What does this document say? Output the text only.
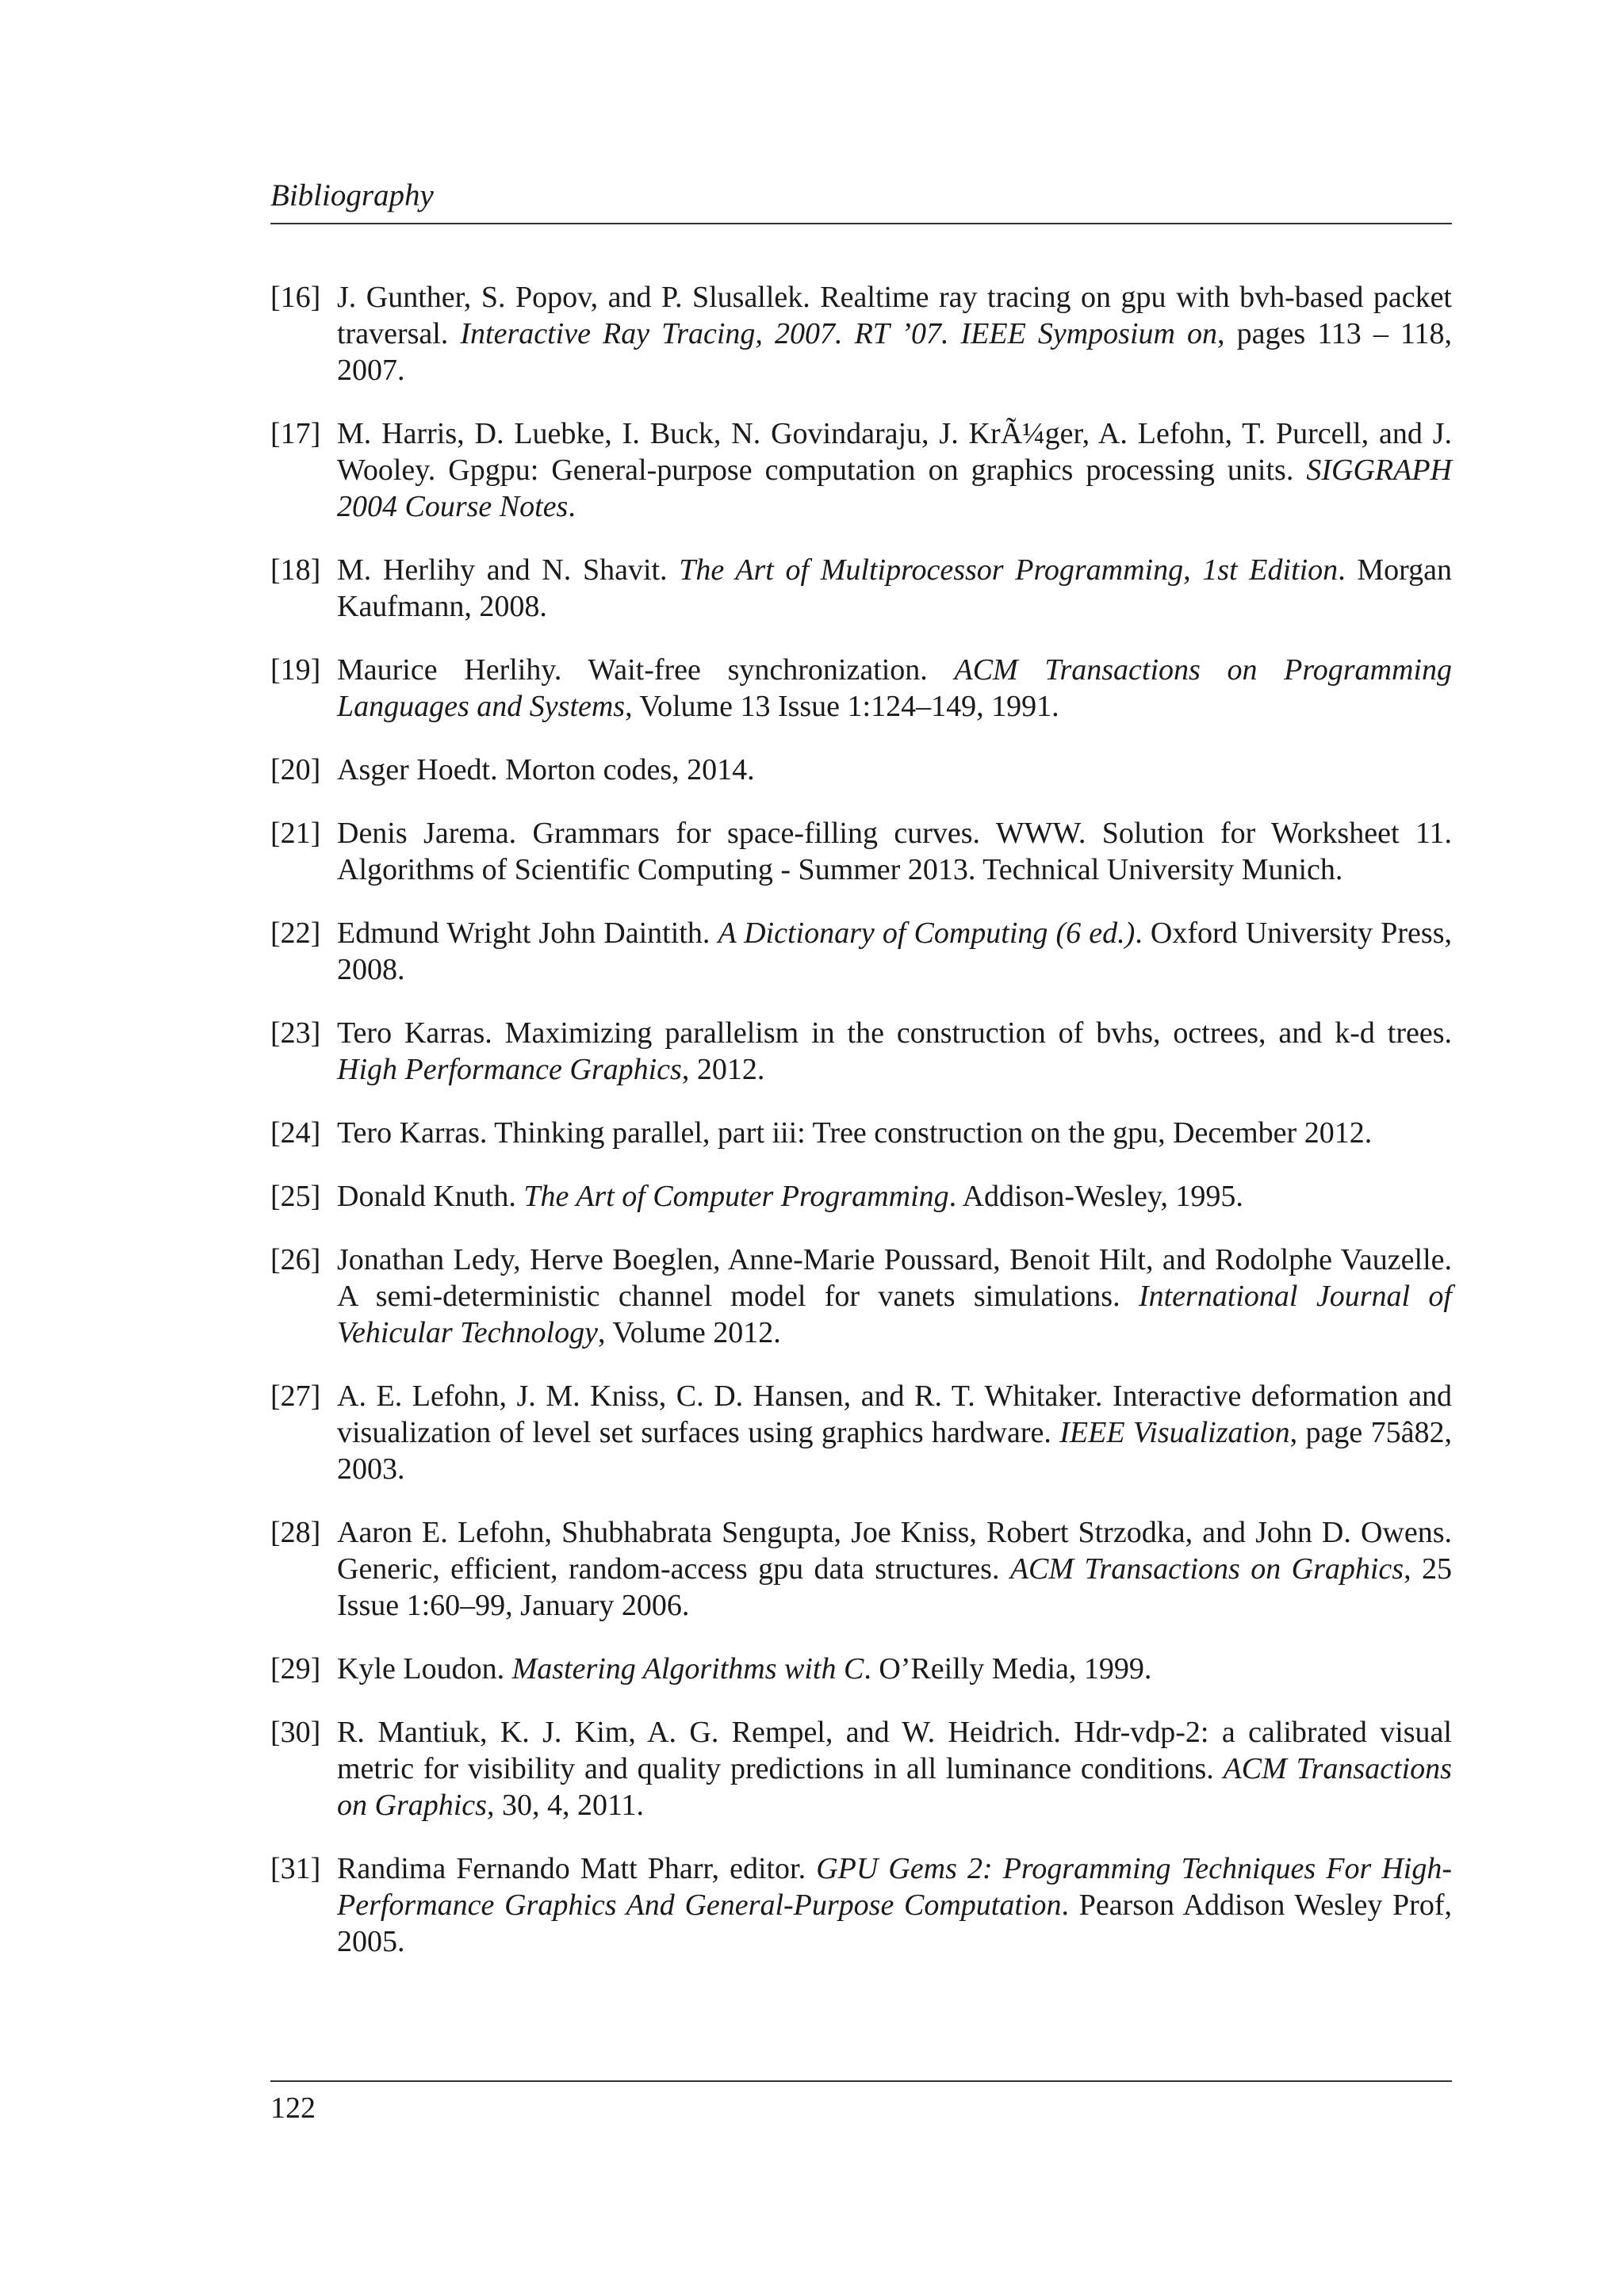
Bibliography
[16] J. Gunther, S. Popov, and P. Slusallek. Realtime ray tracing on gpu with bvh-based packet traversal. Interactive Ray Tracing, 2007. RT ’07. IEEE Symposium on, pages 113 – 118, 2007.
[17] M. Harris, D. Luebke, I. Buck, N. Govindaraju, J. KrÃ¼ger, A. Lefohn, T. Purcell, and J. Wooley. Gpgpu: General-purpose computation on graphics processing units. SIGGRAPH 2004 Course Notes.
[18] M. Herlihy and N. Shavit. The Art of Multiprocessor Programming, 1st Edition. Morgan Kaufmann, 2008.
[19] Maurice Herlihy. Wait-free synchronization. ACM Transactions on Programming Languages and Systems, Volume 13 Issue 1:124–149, 1991.
[20] Asger Hoedt. Morton codes, 2014.
[21] Denis Jarema. Grammars for space-filling curves. WWW. Solution for Worksheet 11. Algorithms of Scientific Computing - Summer 2013. Technical University Munich.
[22] Edmund Wright John Daintith. A Dictionary of Computing (6 ed.). Oxford University Press, 2008.
[23] Tero Karras. Maximizing parallelism in the construction of bvhs, octrees, and k-d trees. High Performance Graphics, 2012.
[24] Tero Karras. Thinking parallel, part iii: Tree construction on the gpu, December 2012.
[25] Donald Knuth. The Art of Computer Programming. Addison-Wesley, 1995.
[26] Jonathan Ledy, Herve Boeglen, Anne-Marie Poussard, Benoit Hilt, and Rodolphe Vauzelle. A semi-deterministic channel model for vanets simulations. International Journal of Vehicular Technology, Volume 2012.
[27] A. E. Lefohn, J. M. Kniss, C. D. Hansen, and R. T. Whitaker. Interactive deformation and visualization of level set surfaces using graphics hardware. IEEE Visualization, page 75â82, 2003.
[28] Aaron E. Lefohn, Shubhabrata Sengupta, Joe Kniss, Robert Strzodka, and John D. Owens. Generic, efficient, random-access gpu data structures. ACM Transactions on Graphics, 25 Issue 1:60–99, January 2006.
[29] Kyle Loudon. Mastering Algorithms with C. O’Reilly Media, 1999.
[30] R. Mantiuk, K. J. Kim, A. G. Rempel, and W. Heidrich. Hdr-vdp-2: a calibrated visual metric for visibility and quality predictions in all luminance conditions. ACM Transactions on Graphics, 30, 4, 2011.
[31] Randima Fernando Matt Pharr, editor. GPU Gems 2: Programming Techniques For High-Performance Graphics And General-Purpose Computation. Pearson Addison Wesley Prof, 2005.
122
